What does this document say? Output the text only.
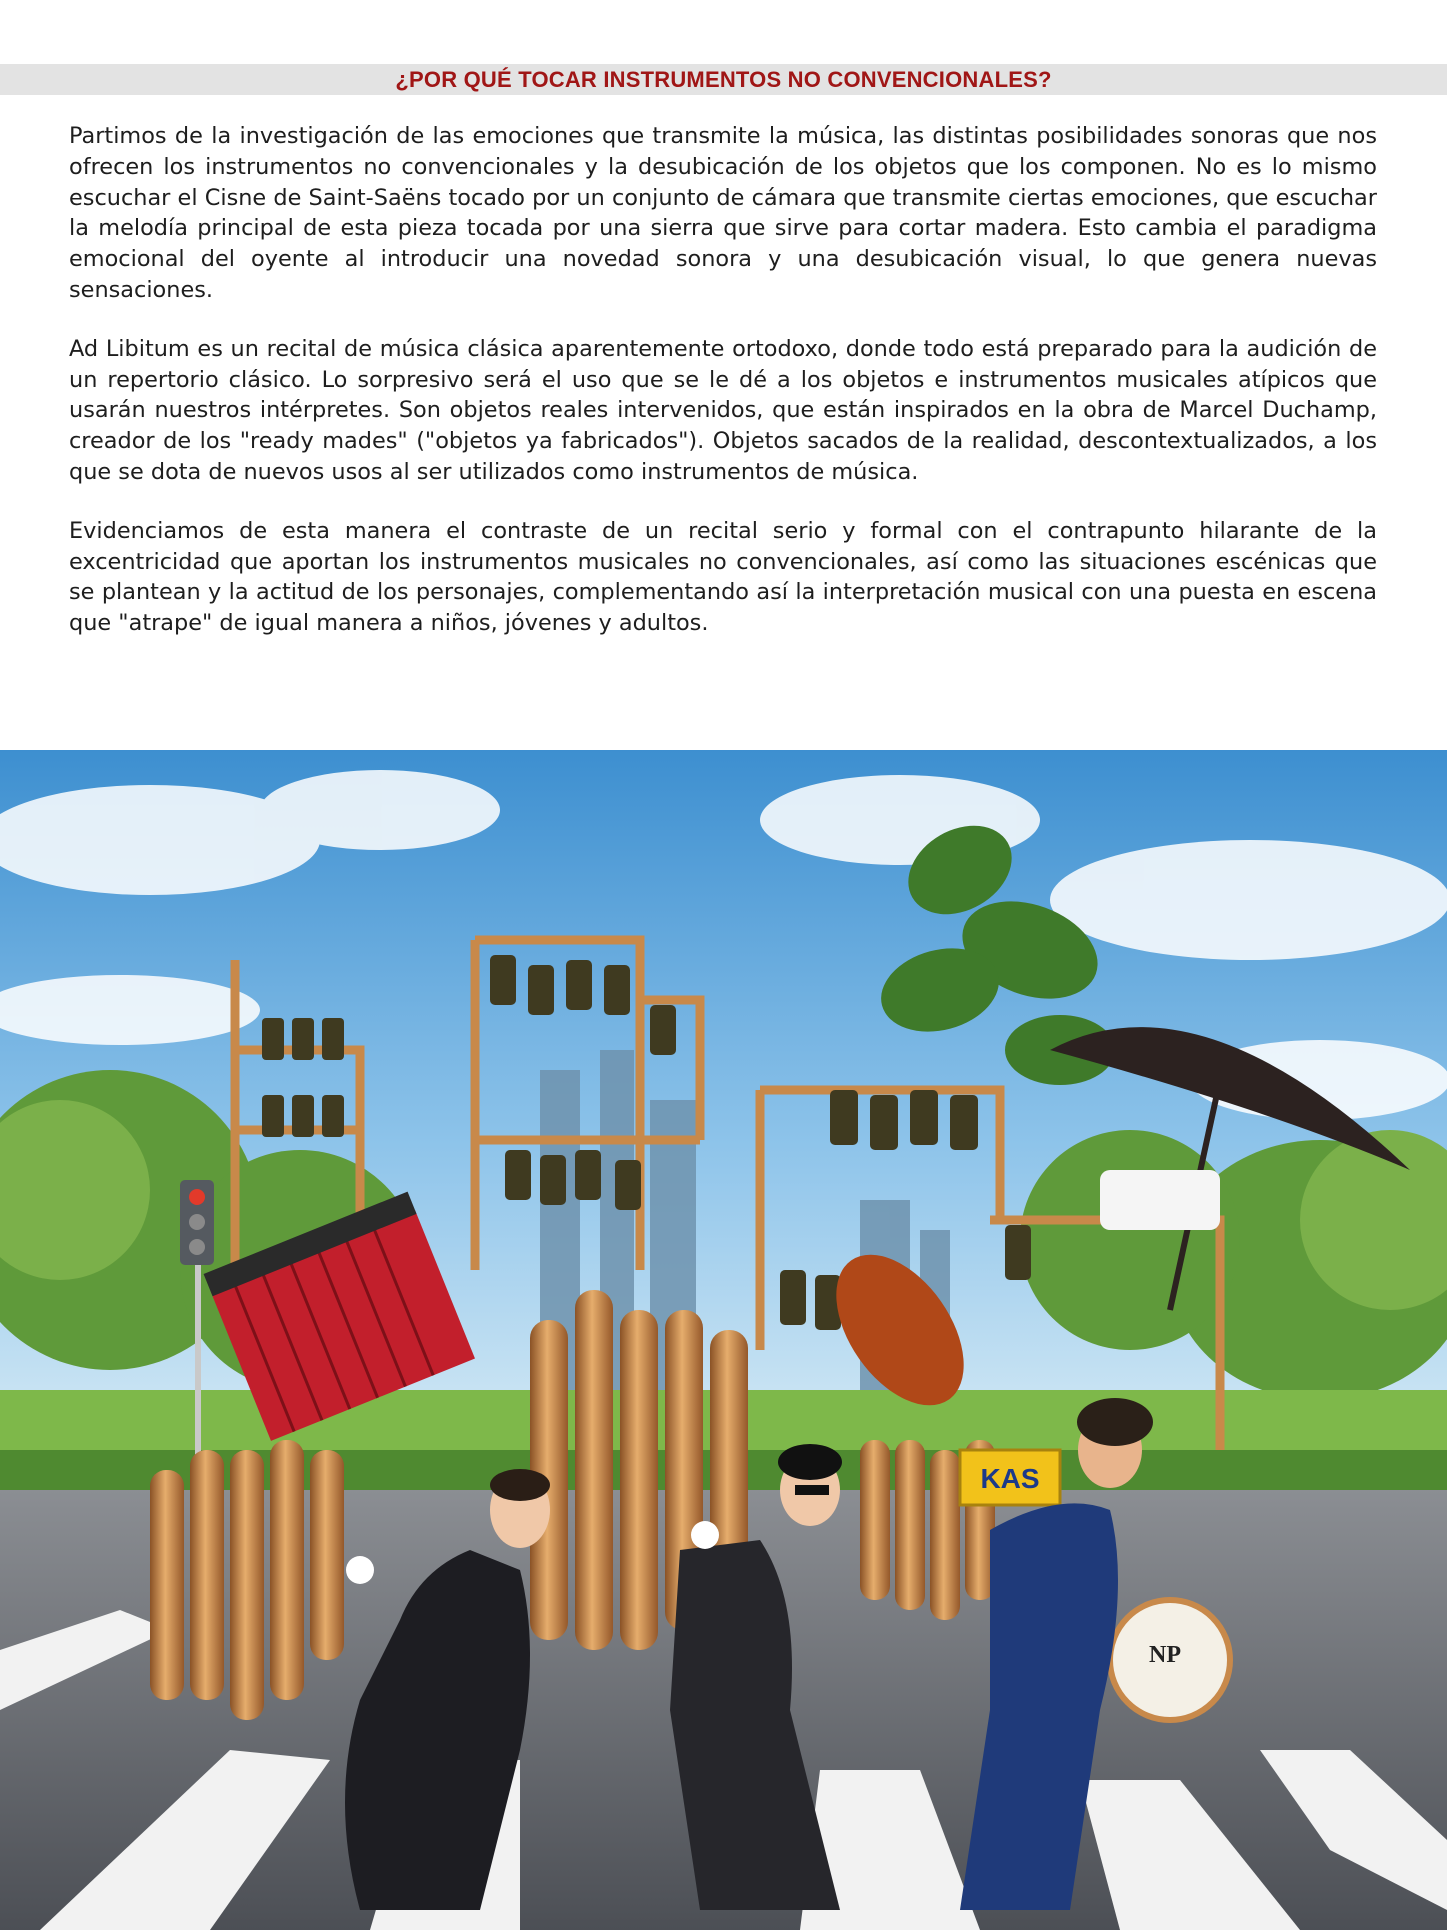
¿POR QUÉ TOCAR INSTRUMENTOS NO CONVENCIONALES?

Partimos de la investigación de las emociones que transmite la música, las distintas posibilidades sonoras que nos ofrecen los instrumentos no convencionales y la desubicación de los objetos que los componen. No es lo mismo escuchar el Cisne de Saint-Saëns tocado por un conjunto de cámara que transmite ciertas emociones, que escuchar la melodía principal de esta pieza tocada por una sierra que sirve para cortar madera. Esto cambia el paradigma emocional del oyente al introducir una novedad sonora y una desubicación visual, lo que genera nuevas sensaciones.

Ad Libitum es un recital de música clásica aparentemente ortodoxo, donde todo está preparado para la audición de un repertorio clásico. Lo sorpresivo será el uso que se le dé a los objetos e instrumentos musicales atípicos que usarán nuestros intérpretes. Son objetos reales intervenidos, que están inspirados en la obra de Marcel Duchamp, creador de los "ready mades" ("objetos ya fabricados"). Objetos sacados de la realidad, descontextualizados, a los que se dota de nuevos usos al ser utilizados como instrumentos de música.

Evidenciamos de esta manera el contraste de un recital serio y formal con el contrapunto hilarante de la excentricidad que aportan los instrumentos musicales no convencionales, así como las situaciones escénicas que se plantean y la actitud de los personajes, complementando así la interpretación musical con una puesta en escena que "atrape" de igual manera a niños, jóvenes y adultos.

KAS
NP
